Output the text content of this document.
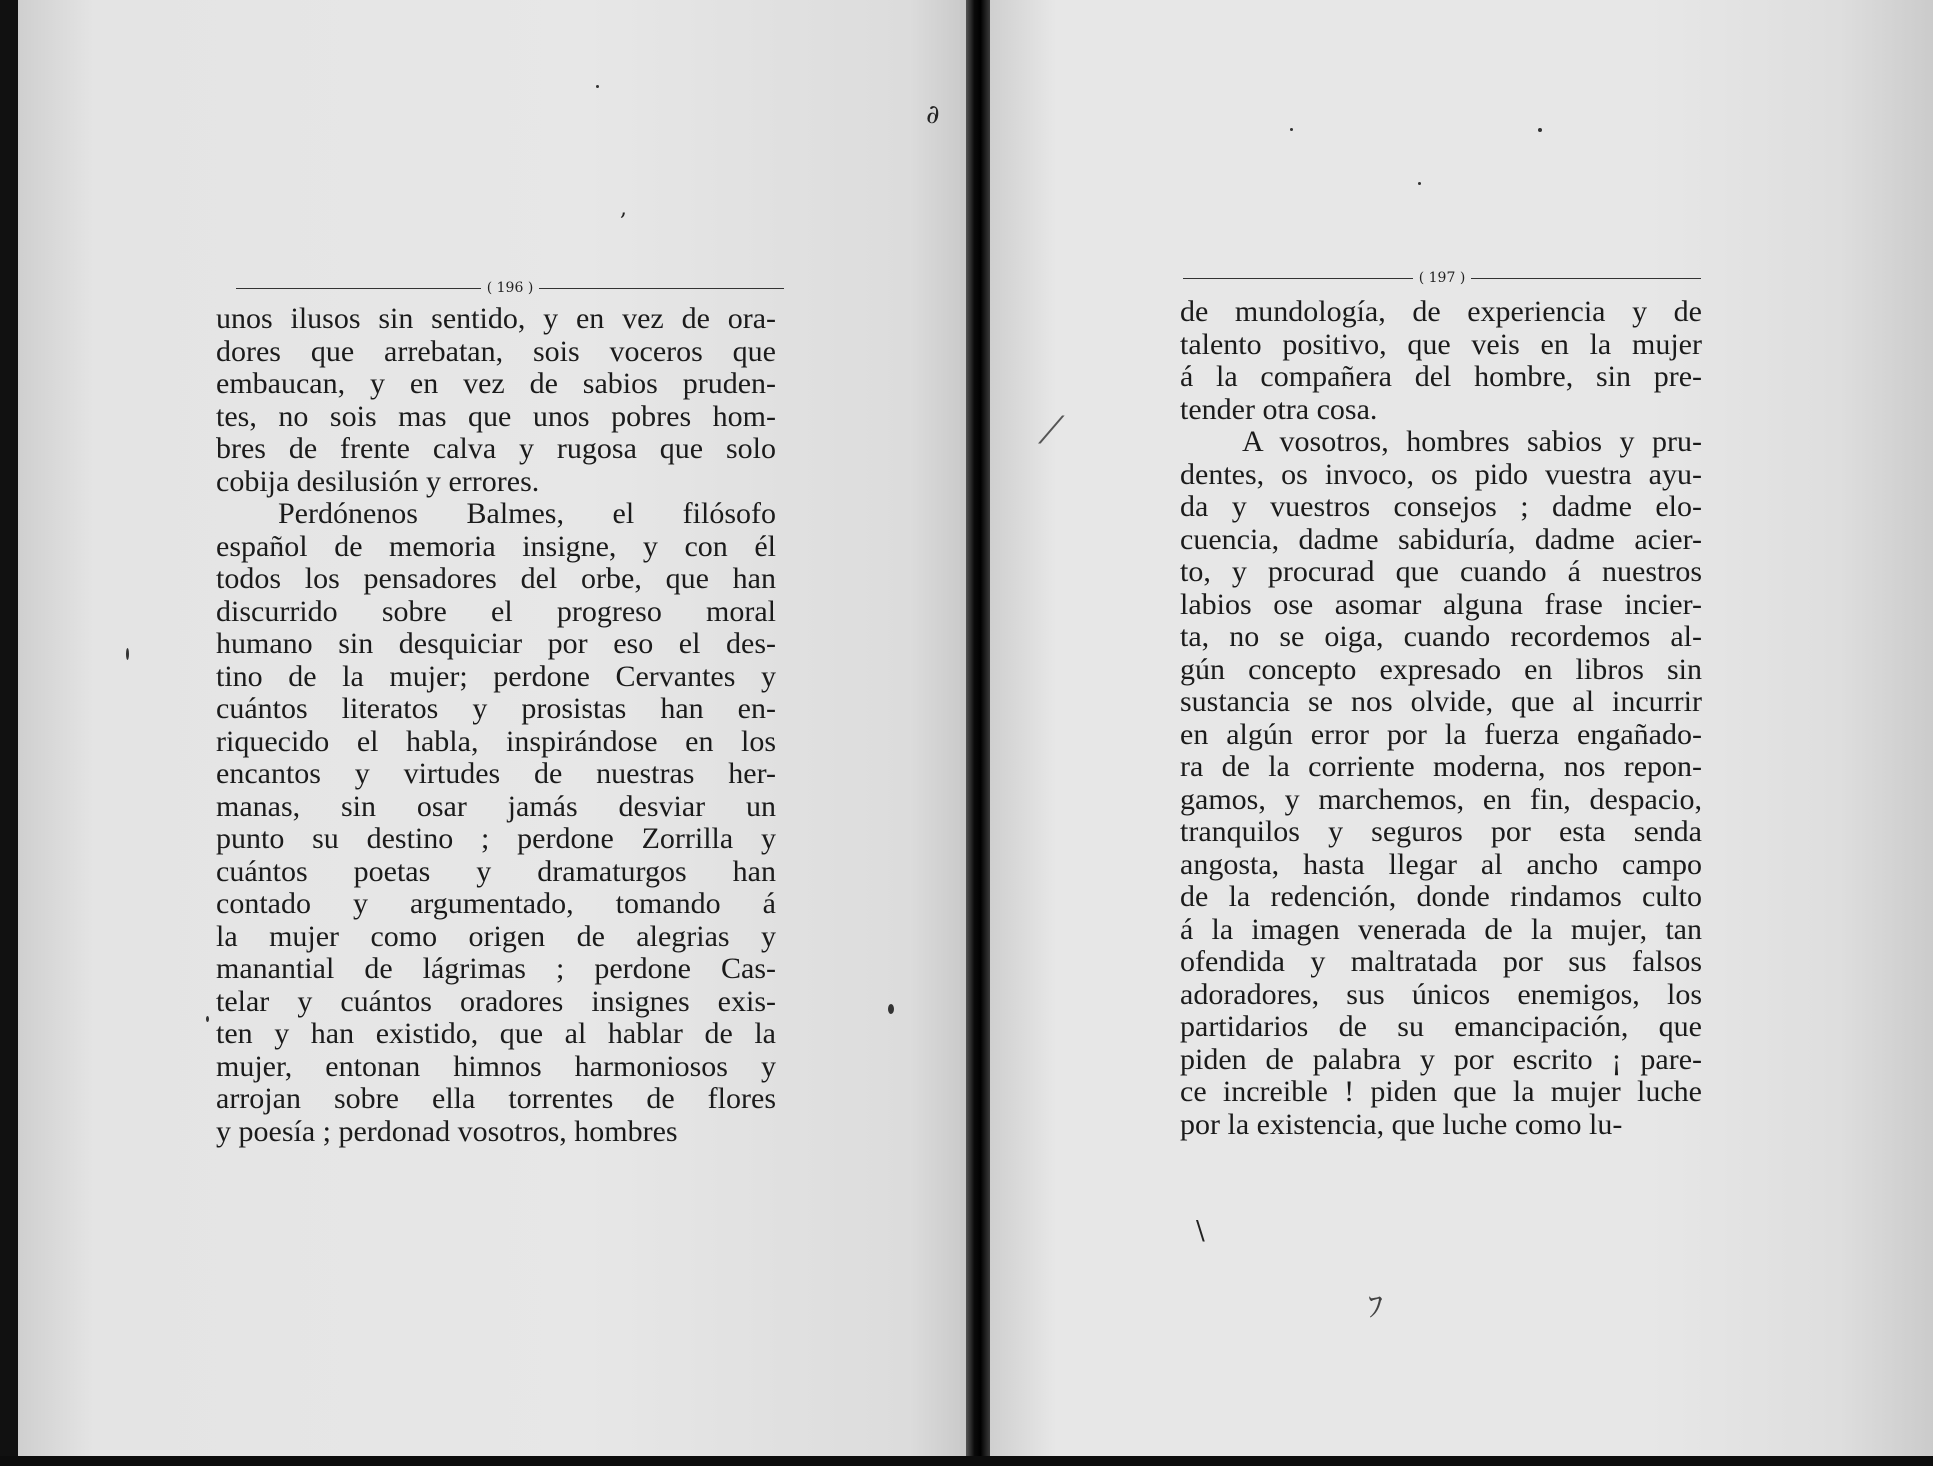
( 196 )
unos ilusos sin sentido, y en vez de ora-
dores que arrebatan, sois voceros que
embaucan, y en vez de sabios pruden-
tes, no sois mas que unos pobres hom-
bres de frente calva y rugosa que solo
cobija desilusión y errores.
Perdónenos Balmes, el filósofo
español de memoria insigne, y con él
todos los pensadores del orbe, que han
discurrido sobre el progreso moral
humano sin desquiciar por eso el des-
tino de la mujer; perdone Cervantes y
cuántos literatos y prosistas han en-
riquecido el habla, inspirándose en los
encantos y virtudes de nuestras her-
manas, sin osar jamás desviar un
punto su destino ; perdone Zorrilla y
cuántos poetas y dramaturgos han
contado y argumentado, tomando á
la mujer como origen de alegrias y
manantial de lágrimas ; perdone Cas-
telar y cuántos oradores insignes exis-
ten y han existido, que al hablar de la
mujer, entonan himnos harmoniosos y
arrojan sobre ella torrentes de flores
y poesía ; perdonad vosotros, hombres
,
∂
( 197 )
de mundología, de experiencia y de
talento positivo, que veis en la mujer
á la compañera del hombre, sin pre-
tender otra cosa.
A vosotros, hombres sabios y pru-
dentes, os invoco, os pido vuestra ayu-
da y vuestros consejos ; dadme elo-
cuencia, dadme sabiduría, dadme acier-
to, y procurad que cuando á nuestros
labios ose asomar alguna frase incier-
ta, no se oiga, cuando recordemos al-
gún concepto expresado en libros sin
sustancia se nos olvide, que al incurrir
en algún error por la fuerza engañado-
ra de la corriente moderna, nos repon-
gamos, y marchemos, en fin, despacio,
tranquilos y seguros por esta senda
angosta, hasta llegar al ancho campo
de la redención, donde rindamos culto
á la imagen venerada de la mujer, tan
ofendida y maltratada por sus falsos
adoradores, sus únicos enemigos, los
partidarios de su emancipación, que
piden de palabra y por escrito ¡ pare-
ce increible ! piden que la mujer luche
por la existencia, que luche como lu-
⟋
\
ﾌ
